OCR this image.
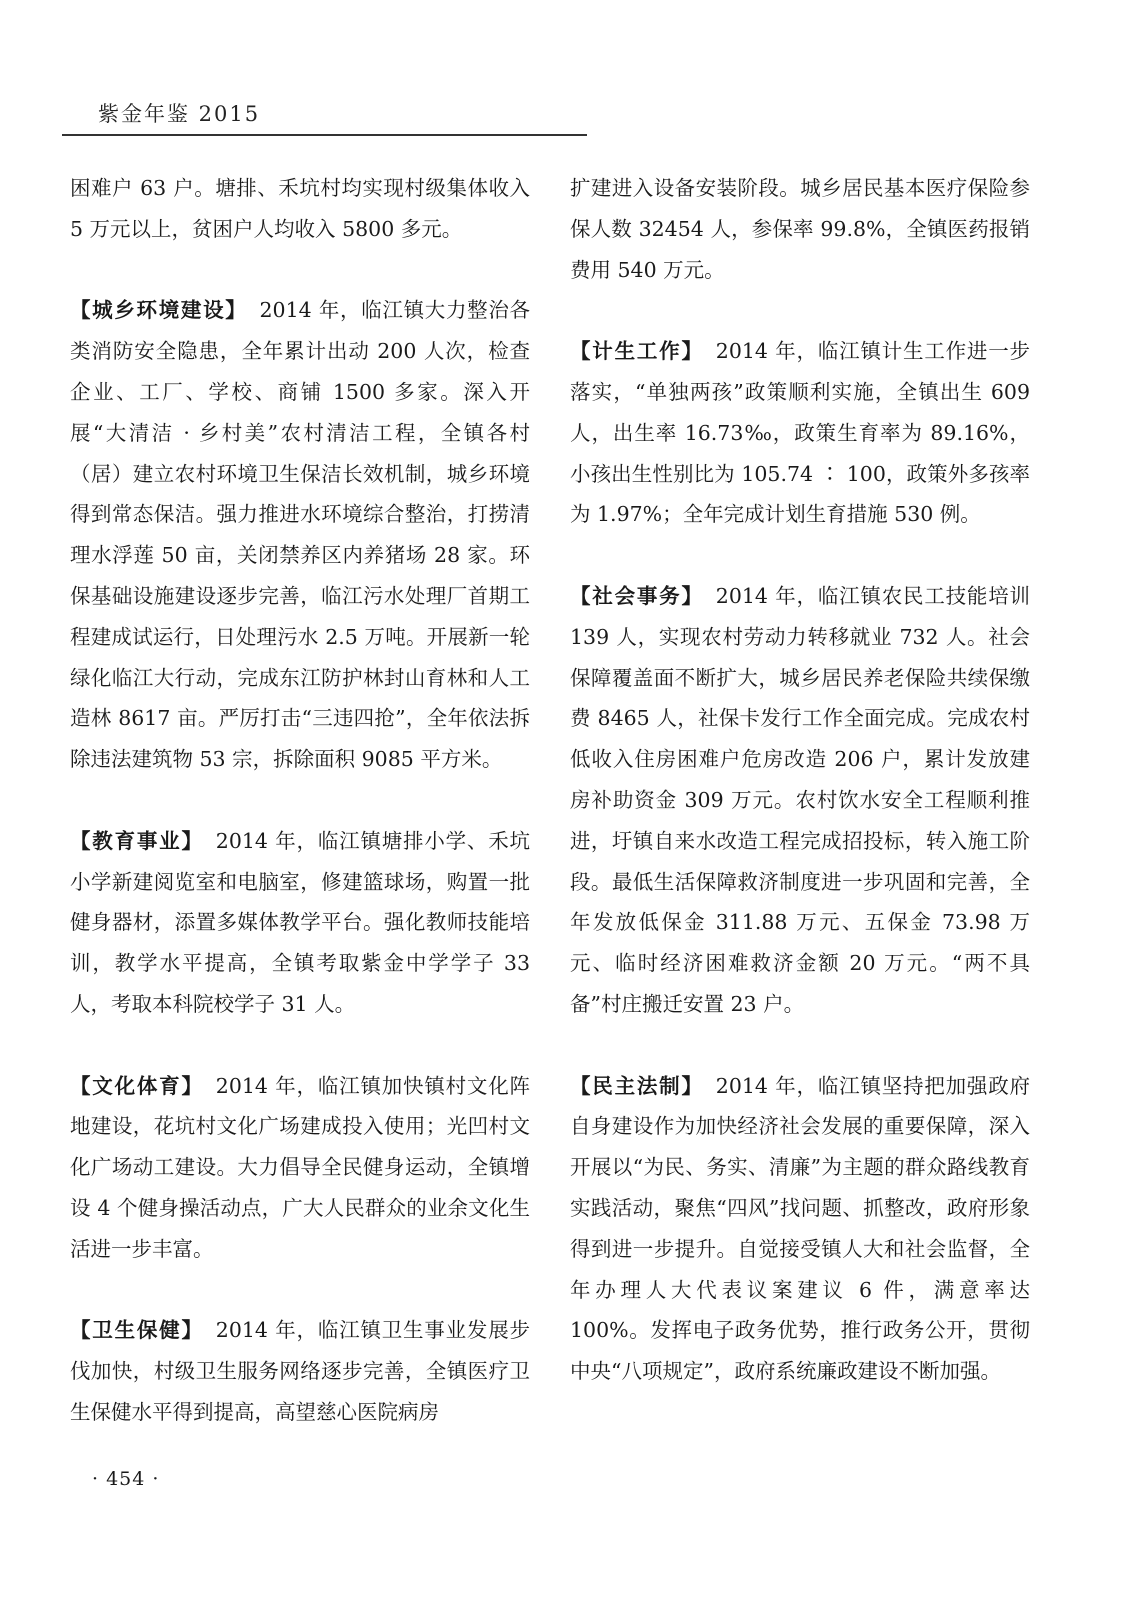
紫金年鉴 2015

困难户 63 户。塘排、禾坑村均实现村级集体收入 5 万元以上，贫困户人均收入 5800 多元。

【城乡环境建设】 2014 年，临江镇大力整治各类消防安全隐患，全年累计出动 200 人次，检查企业、工厂、学校、商铺 1500 多家。深入开展“大清洁 · 乡村美”农村清洁工程，全镇各村（居）建立农村环境卫生保洁长效机制，城乡环境得到常态保洁。强力推进水环境综合整治，打捞清理水浮莲 50 亩，关闭禁养区内养猪场 28 家。环保基础设施建设逐步完善，临江污水处理厂首期工程建成试运行，日处理污水 2.5 万吨。开展新一轮绿化临江大行动，完成东江防护林封山育林和人工造林 8617 亩。严厉打击“三违四抢”，全年依法拆除违法建筑物 53 宗，拆除面积 9085 平方米。

【教育事业】 2014 年，临江镇塘排小学、禾坑小学新建阅览室和电脑室，修建篮球场，购置一批健身器材，添置多媒体教学平台。强化教师技能培训，教学水平提高，全镇考取紫金中学学子 33 人，考取本科院校学子 31 人。

【文化体育】 2014 年，临江镇加快镇村文化阵地建设，花坑村文化广场建成投入使用；光凹村文化广场动工建设。大力倡导全民健身运动，全镇增设 4 个健身操活动点，广大人民群众的业余文化生活进一步丰富。

【卫生保健】 2014 年，临江镇卫生事业发展步伐加快，村级卫生服务网络逐步完善，全镇医疗卫生保健水平得到提高，高望慈心医院病房

扩建进入设备安装阶段。城乡居民基本医疗保险参保人数 32454 人，参保率 99.8%，全镇医药报销费用 540 万元。

【计生工作】 2014 年，临江镇计生工作进一步落实，“单独两孩”政策顺利实施，全镇出生 609 人，出生率 16.73‰，政策生育率为 89.16%，小孩出生性别比为 105.74 ∶ 100，政策外多孩率为 1.97%；全年完成计划生育措施 530 例。

【社会事务】 2014 年，临江镇农民工技能培训 139 人，实现农村劳动力转移就业 732 人。社会保障覆盖面不断扩大，城乡居民养老保险共续保缴费 8465 人，社保卡发行工作全面完成。完成农村低收入住房困难户危房改造 206 户，累计发放建房补助资金 309 万元。农村饮水安全工程顺利推进，圩镇自来水改造工程完成招投标，转入施工阶段。最低生活保障救济制度进一步巩固和完善，全年发放低保金 311.88 万元、五保金 73.98 万元、临时经济困难救济金额 20 万元。“两不具备”村庄搬迁安置 23 户。

【民主法制】 2014 年，临江镇坚持把加强政府自身建设作为加快经济社会发展的重要保障，深入开展以“为民、务实、清廉”为主题的群众路线教育实践活动，聚焦“四风”找问题、抓整改，政府形象得到进一步提升。自觉接受镇人大和社会监督，全年办理人大代表议案建议 6 件，满意率达 100%。发挥电子政务优势，推行政务公开，贯彻中央“八项规定”，政府系统廉政建设不断加强。

· 454 ·
